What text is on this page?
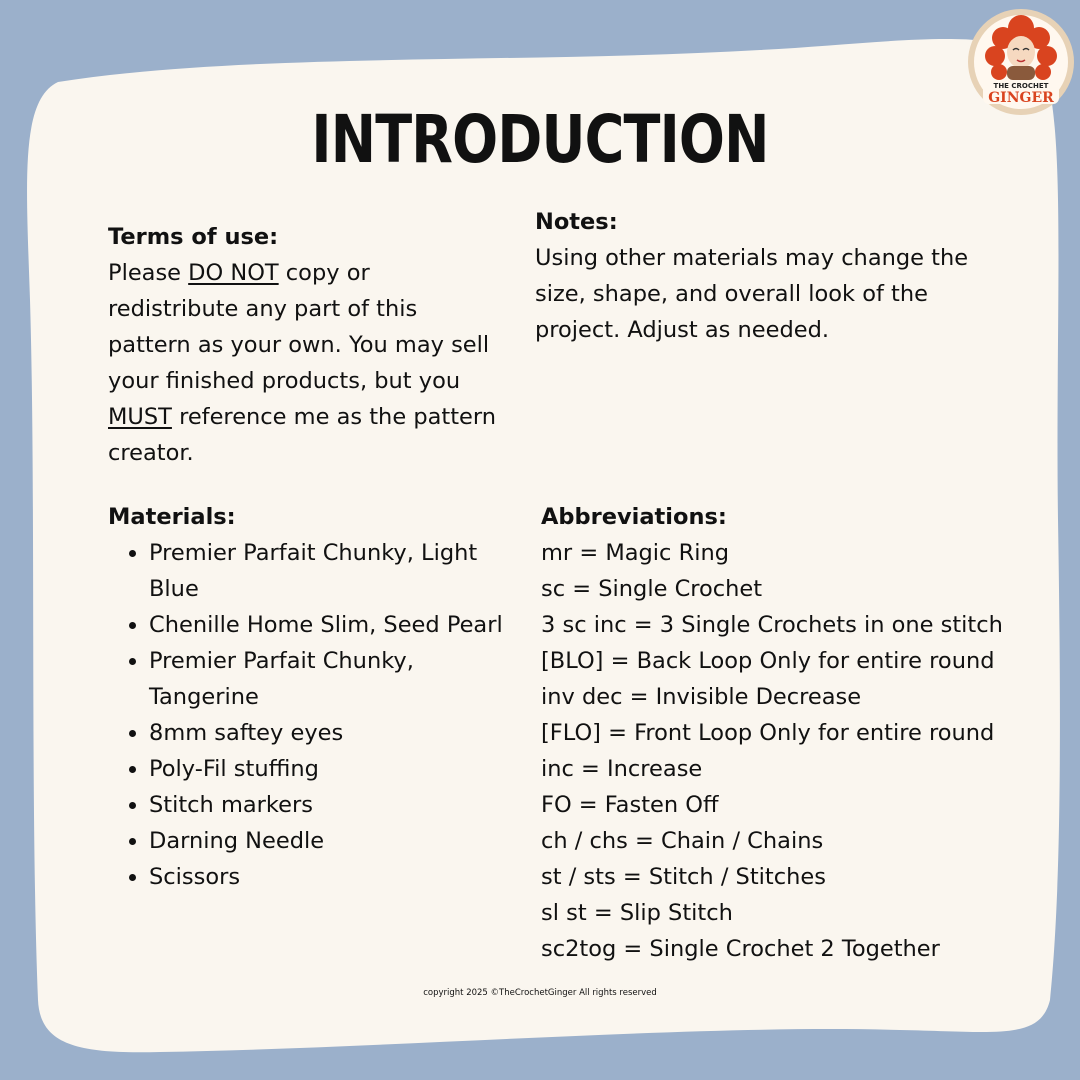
THE CROCHET
GINGER
INTRODUCTION
Terms of use:
Please DO NOT copy or
redistribute any part of this
pattern as your own. You may sell
your finished products, but you
MUST reference me as the pattern
creator.
Notes:
Using other materials may change the
size, shape, and overall look of the
project. Adjust as needed.
Materials:
• Premier Parfait Chunky, Light
Blue
• Chenille Home Slim, Seed Pearl
• Premier Parfait Chunky,
Tangerine
• 8mm saftey eyes
• Poly-Fil stuffing
• Stitch markers
• Darning Needle
• Scissors
Abbreviations:
mr = Magic Ring
sc = Single Crochet
3 sc inc = 3 Single Crochets in one stitch
[BLO] = Back Loop Only for entire round
inv dec = Invisible Decrease
[FLO] = Front Loop Only for entire round
inc = Increase
FO = Fasten Off
ch / chs = Chain / Chains
st / sts = Stitch / Stitches
sl st = Slip Stitch
sc2tog = Single Crochet 2 Together
copyright 2025 ©TheCrochetGinger All rights reserved
